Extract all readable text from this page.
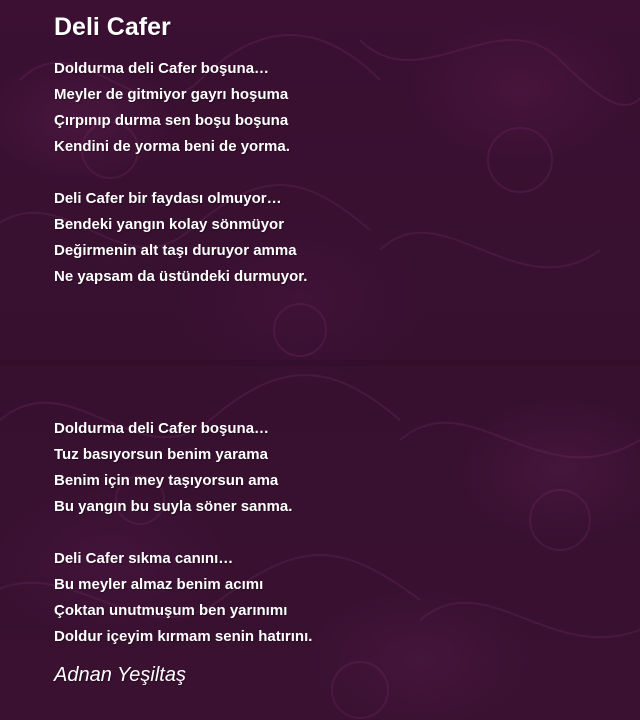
Deli Cafer
Doldurma deli Cafer boşuna…
Meyler de gitmiyor gayrı hoşuma
Çırpınıp durma sen boşu boşuna
Kendini de yorma beni de yorma.
Deli Cafer bir faydası olmuyor…
Bendeki yangın kolay sönmüyor
Değirmenin alt taşı duruyor amma
Ne yapsam da üstündeki durmuyor.
Doldurma deli Cafer boşuna…
Tuz basıyorsun benim yarama
Benim için mey taşıyorsun ama
Bu yangın bu suyla söner sanma.
Deli Cafer sıkma canını…
Bu meyler almaz benim acımı
Çoktan unutmuşum ben yarınımı
Doldur içeyim kırmam senin hatırını.
Adnan Yeşiltaş
